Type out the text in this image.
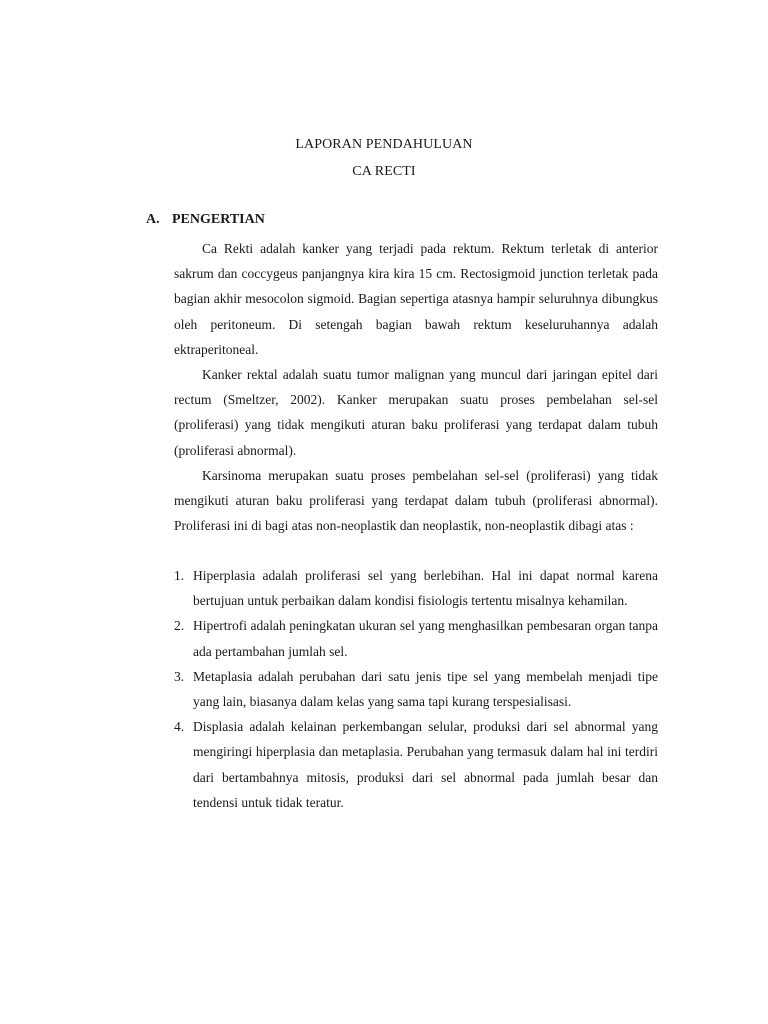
LAPORAN PENDAHULUAN
CA RECTI
A. PENGERTIAN

Ca Rekti adalah kanker yang terjadi pada rektum. Rektum terletak di anterior sakrum dan coccygeus panjangnya kira kira 15 cm. Rectosigmoid junction terletak pada bagian akhir mesocolon sigmoid. Bagian sepertiga atasnya hampir seluruhnya dibungkus oleh peritoneum. Di setengah bagian bawah rektum keseluruhannya adalah ektraperitoneal.

Kanker rektal adalah suatu tumor malignan yang muncul dari jaringan epitel dari rectum (Smeltzer, 2002). Kanker merupakan suatu proses pembelahan sel-sel (proliferasi) yang tidak mengikuti aturan baku proliferasi yang terdapat dalam tubuh (proliferasi abnormal).

Karsinoma merupakan suatu proses pembelahan sel-sel (proliferasi) yang tidak mengikuti aturan baku proliferasi yang terdapat dalam tubuh (proliferasi abnormal). Proliferasi ini di bagi atas non-neoplastik dan neoplastik, non-neoplastik dibagi atas :

1. Hiperplasia adalah proliferasi sel yang berlebihan. Hal ini dapat normal karena bertujuan untuk perbaikan dalam kondisi fisiologis tertentu misalnya kehamilan.
2. Hipertrofi adalah peningkatan ukuran sel yang menghasilkan pembesaran organ tanpa ada pertambahan jumlah sel.
3. Metaplasia adalah perubahan dari satu jenis tipe sel yang membelah menjadi tipe yang lain, biasanya dalam kelas yang sama tapi kurang terspesialisasi.
4. Displasia adalah kelainan perkembangan selular, produksi dari sel abnormal yang mengiringi hiperplasia dan metaplasia. Perubahan yang termasuk dalam hal ini terdiri dari bertambahnya mitosis, produksi dari sel abnormal pada jumlah besar dan tendensi untuk tidak teratur.
